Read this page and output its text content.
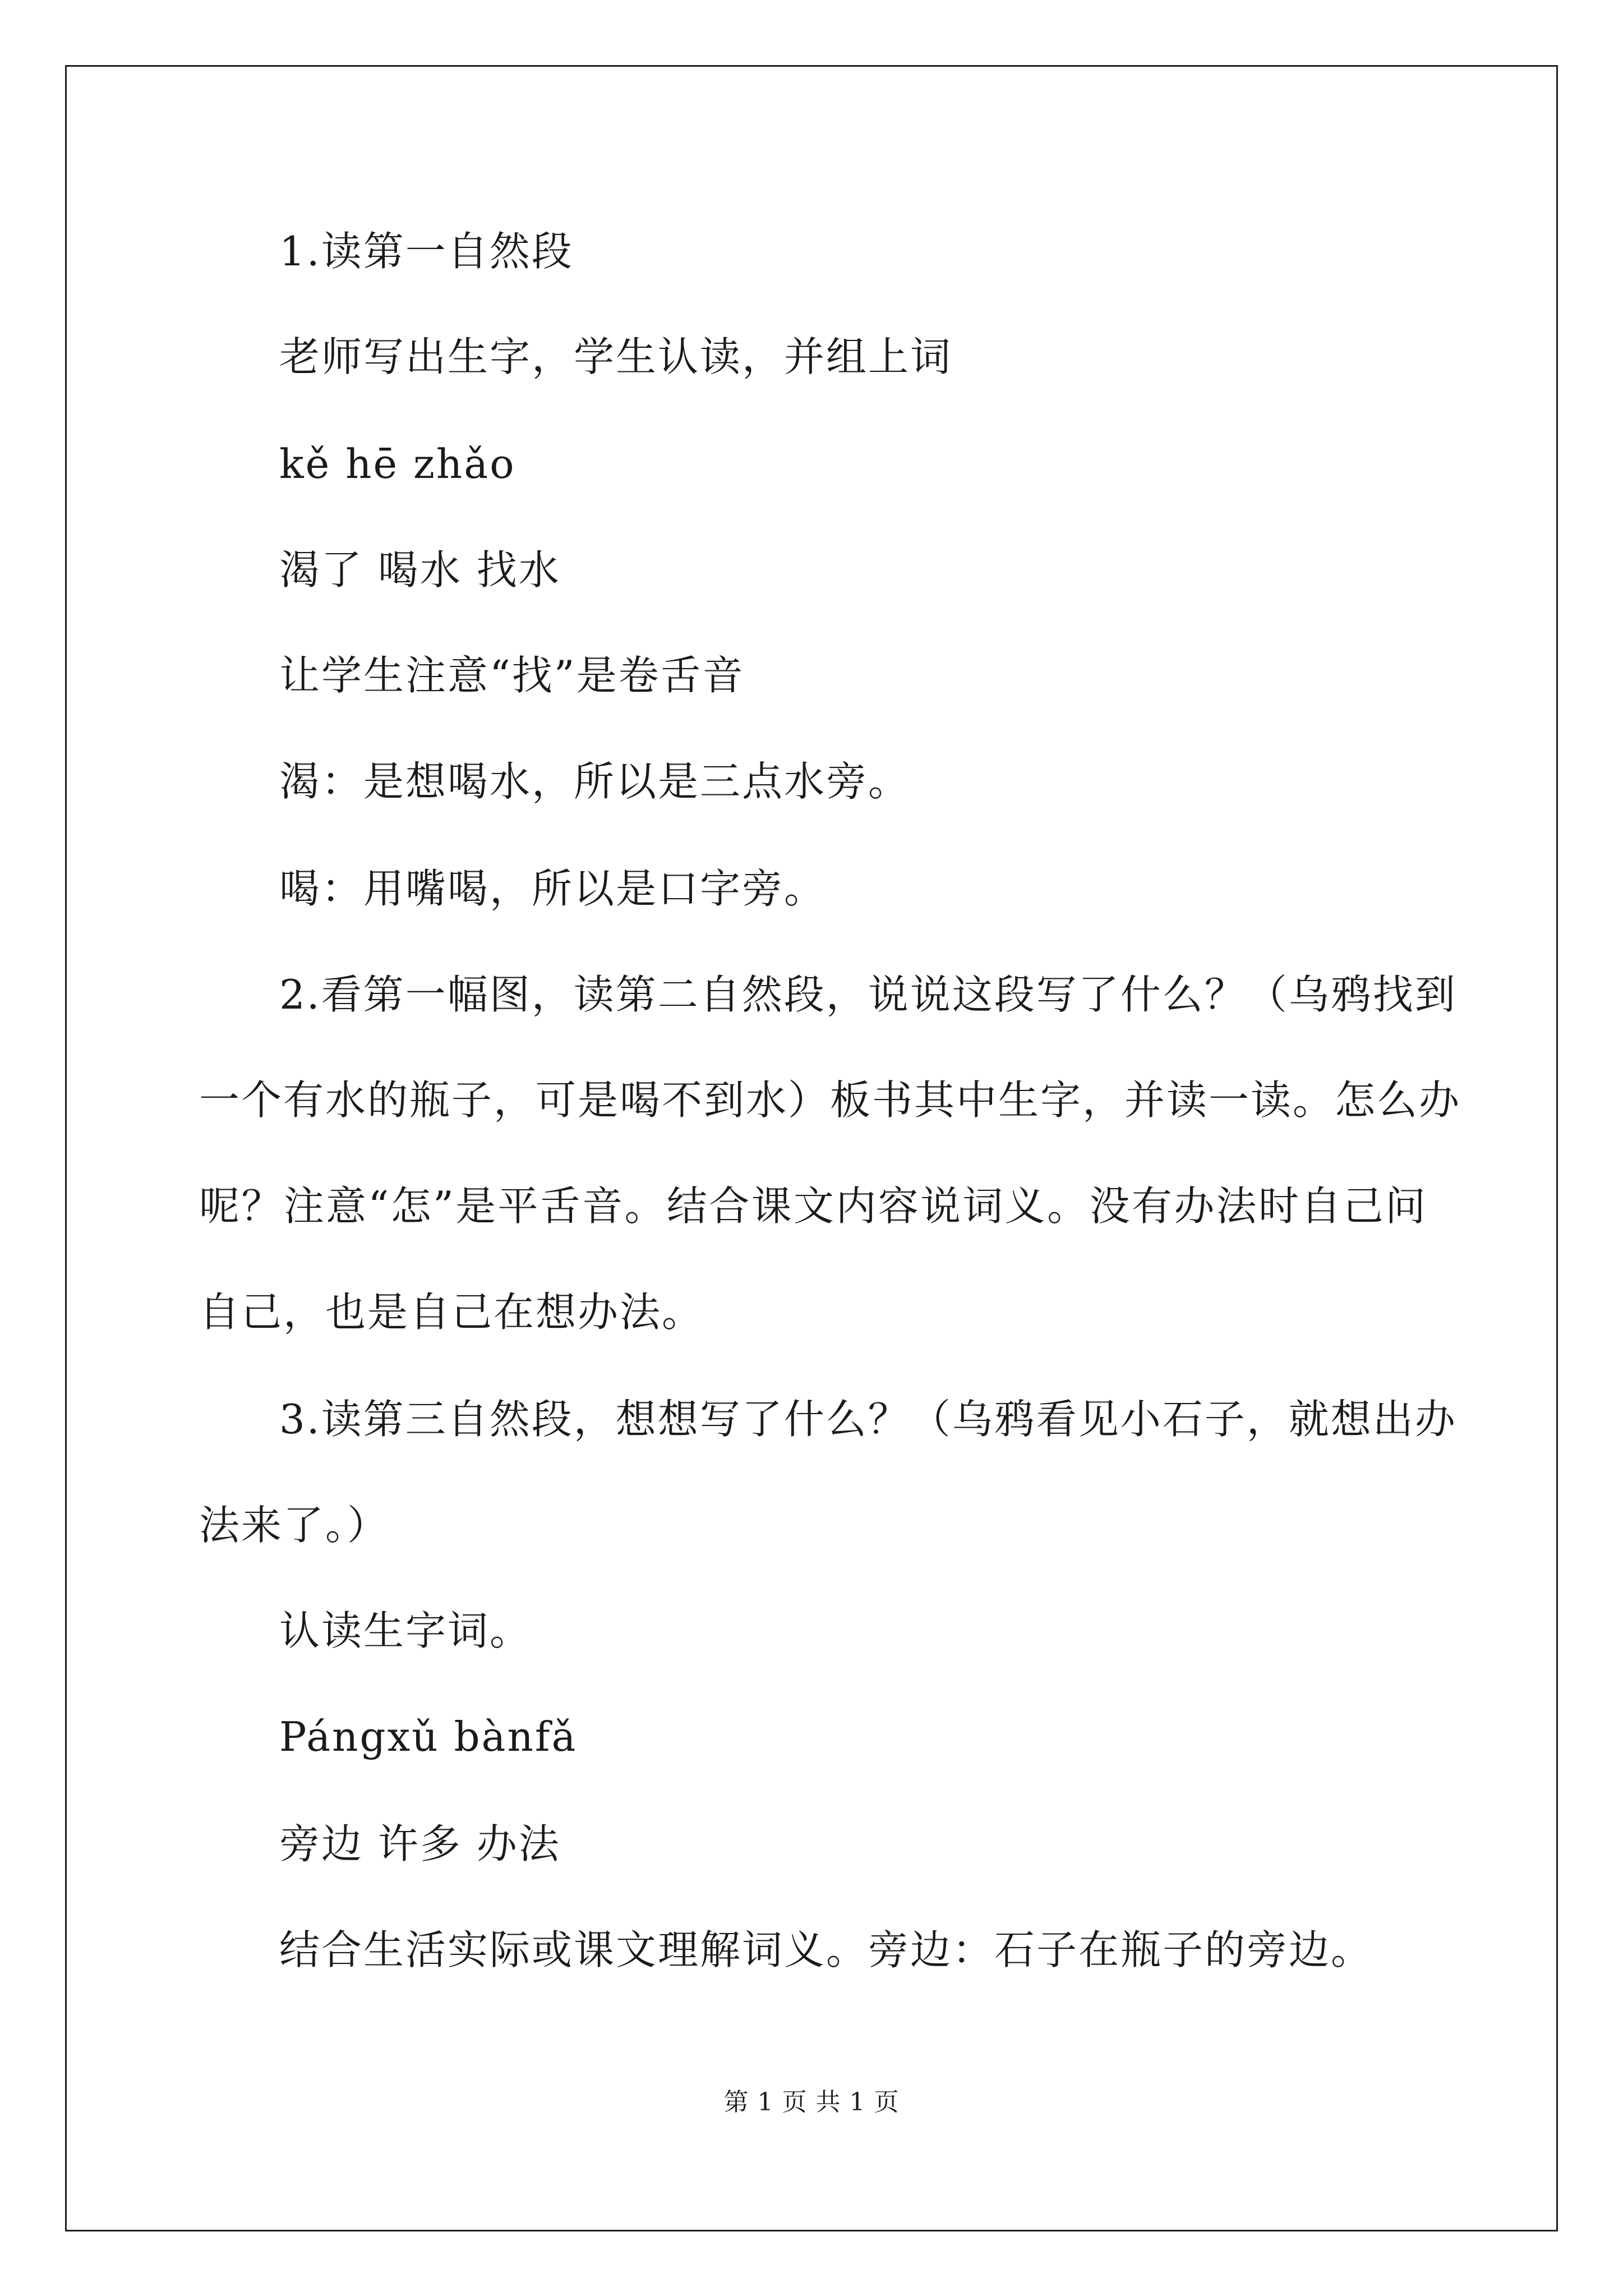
1.读第一自然段
老师写出生字，学生认读，并组上词
kě hē zhǎo
渴了 喝水 找水
让学生注意“找”是卷舌音
渴：是想喝水，所以是三点水旁。
喝：用嘴喝，所以是口字旁。
2.看第一幅图，读第二自然段，说说这段写了什么？（乌鸦找到
一个有水的瓶子，可是喝不到水）板书其中生字，并读一读。怎么办
呢？注意“怎”是平舌音。结合课文内容说词义。没有办法时自己问
自己，也是自己在想办法。
3.读第三自然段，想想写了什么？（乌鸦看见小石子，就想出办
法来了。）
认读生字词。
Pángxǔ bànfǎ
旁边 许多 办法
结合生活实际或课文理解词义。旁边：石子在瓶子的旁边。
第 1 页 共 1 页
